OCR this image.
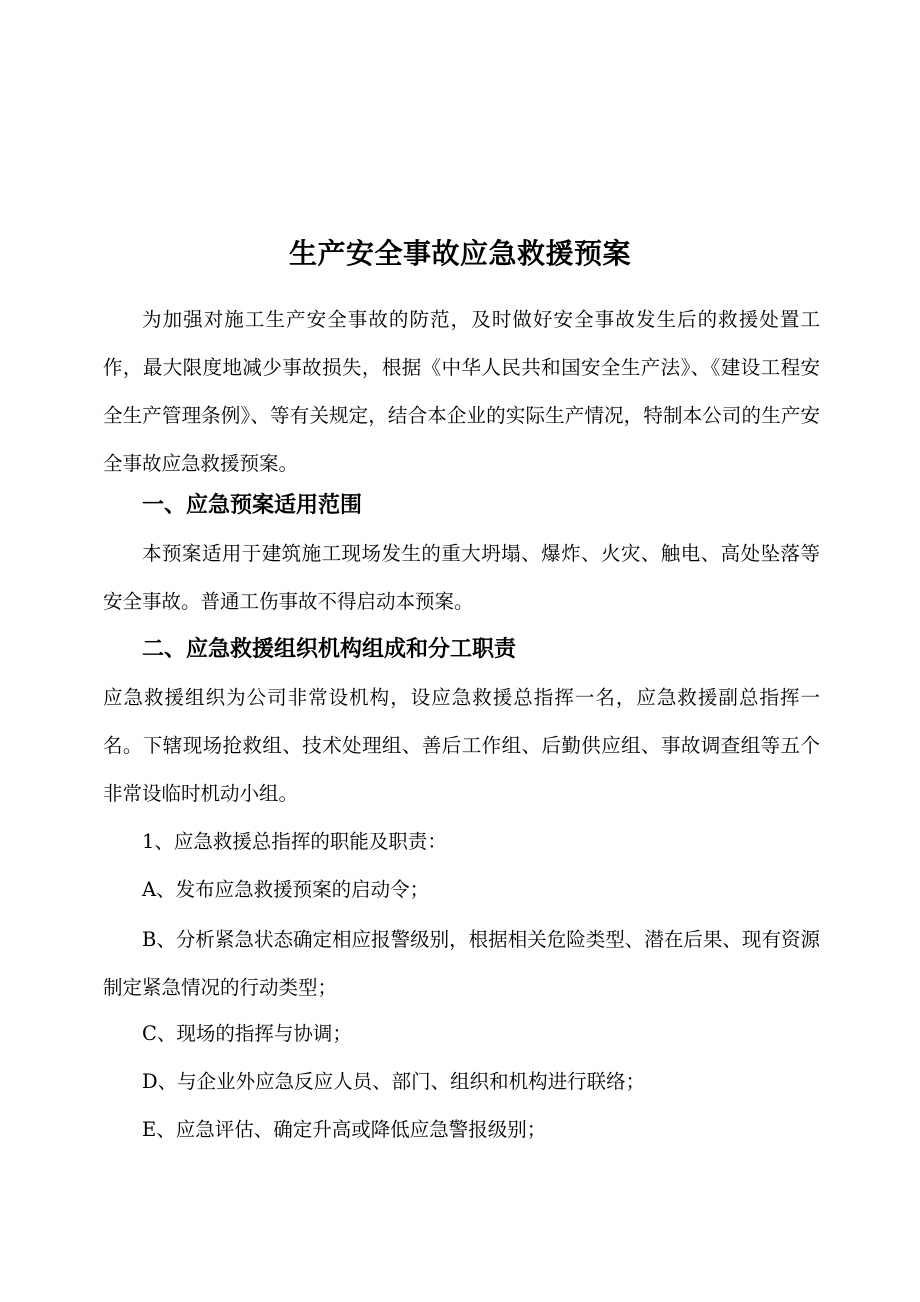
生产安全事故应急救援预案

为加强对施工生产安全事故的防范，及时做好安全事故发生后的救援处置工作，最大限度地减少事故损失，根据《中华人民共和国安全生产法》、《建设工程安全生产管理条例》、等有关规定，结合本企业的实际生产情况，特制本公司的生产安全事故应急救援预案。

一、应急预案适用范围

本预案适用于建筑施工现场发生的重大坍塌、爆炸、火灾、触电、高处坠落等安全事故。普通工伤事故不得启动本预案。

二、应急救援组织机构组成和分工职责

应急救援组织为公司非常设机构，设应急救援总指挥一名，应急救援副总指挥一名。下辖现场抢救组、技术处理组、善后工作组、后勤供应组、事故调查组等五个非常设临时机动小组。

1、应急救援总指挥的职能及职责：

A、发布应急救援预案的启动令；

B、分析紧急状态确定相应报警级别，根据相关危险类型、潜在后果、现有资源制定紧急情况的行动类型；

C、现场的指挥与协调；

D、与企业外应急反应人员、部门、组织和机构进行联络；

E、应急评估、确定升高或降低应急警报级别；
